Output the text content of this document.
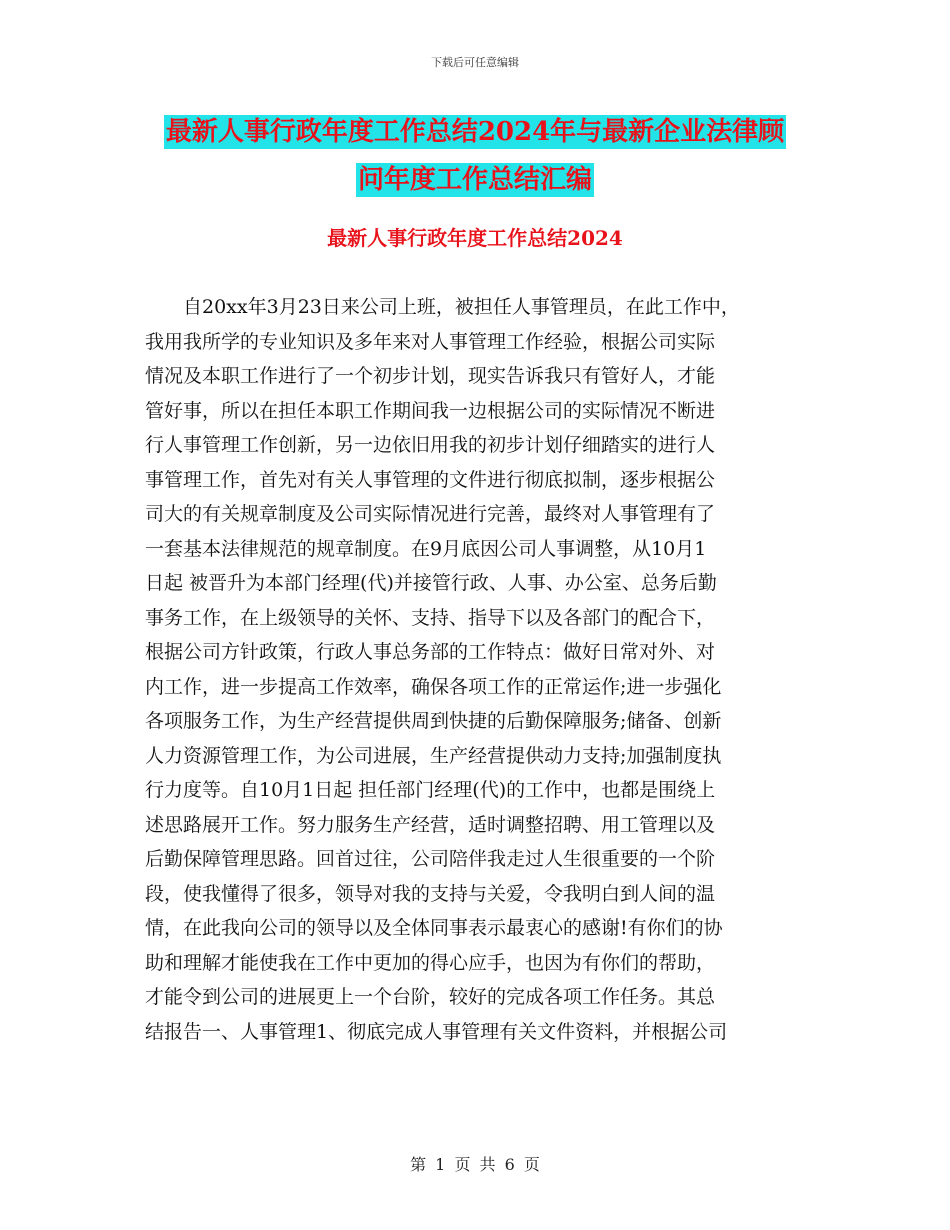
下载后可任意编辑
最新人事行政年度工作总结2024年与最新企业法律顾
问年度工作总结汇编
最新人事行政年度工作总结2024
　　自20xx年3月23日来公司上班，被担任人事管理员，在此工作中，
我用我所学的专业知识及多年来对人事管理工作经验，根据公司实际
情况及本职工作进行了一个初步计划，现实告诉我只有管好人，才能
管好事，所以在担任本职工作期间我一边根据公司的实际情况不断进
行人事管理工作创新，另一边依旧用我的初步计划仔细踏实的进行人
事管理工作，首先对有关人事管理的文件进行彻底拟制，逐步根据公
司大的有关规章制度及公司实际情况进行完善，最终对人事管理有了
一套基本法律规范的规章制度。在9月底因公司人事调整，从10月1
日起 被晋升为本部门经理(代)并接管行政、人事、办公室、总务后勤
事务工作，在上级领导的关怀、支持、指导下以及各部门的配合下，
根据公司方针政策，行政人事总务部的工作特点：做好日常对外、对
内工作，进一步提高工作效率，确保各项工作的正常运作;进一步强化
各项服务工作，为生产经营提供周到快捷的后勤保障服务;储备、创新
人力资源管理工作，为公司进展，生产经营提供动力支持;加强制度执
行力度等。自10月1日起 担任部门经理(代)的工作中，也都是围绕上
述思路展开工作。努力服务生产经营，适时调整招聘、用工管理以及
后勤保障管理思路。回首过往，公司陪伴我走过人生很重要的一个阶
段，使我懂得了很多，领导对我的支持与关爱，令我明白到人间的温
情，在此我向公司的领导以及全体同事表示最衷心的感谢!有你们的协
助和理解才能使我在工作中更加的得心应手，也因为有你们的帮助，
才能令到公司的进展更上一个台阶，较好的完成各项工作任务。其总
结报告一、人事管理1、彻底完成人事管理有关文件资料，并根据公司
第 1 页 共 6 页
